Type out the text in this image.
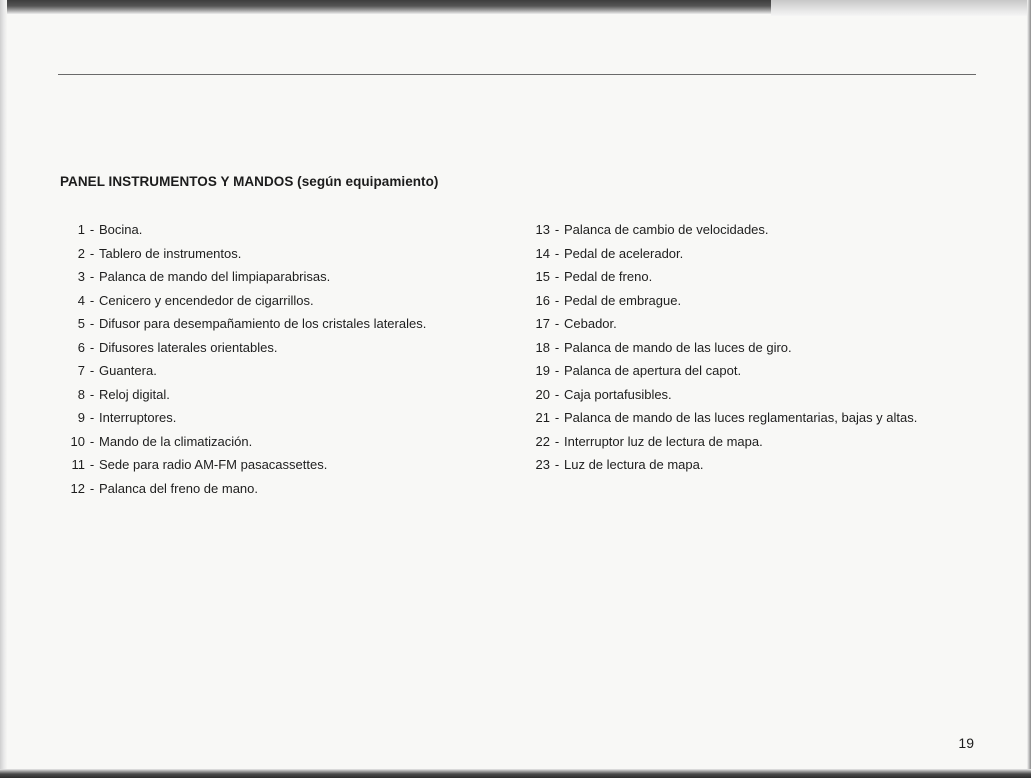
PANEL INSTRUMENTOS Y MANDOS (según equipamiento)
1 - Bocina.
2 - Tablero de instrumentos.
3 - Palanca de mando del limpiaparabrisas.
4 - Cenicero y encendedor de cigarrillos.
5 - Difusor para desempañamiento de los cristales laterales.
6 - Difusores laterales orientables.
7 - Guantera.
8 - Reloj digital.
9 - Interruptores.
10 - Mando de la climatización.
11 - Sede para radio AM-FM pasacassettes.
12 - Palanca del freno de mano.
13 - Palanca de cambio de velocidades.
14 - Pedal de acelerador.
15 - Pedal de freno.
16 - Pedal de embrague.
17 - Cebador.
18 - Palanca de mando de las luces de giro.
19 - Palanca de apertura del capot.
20 - Caja portafusibles.
21 - Palanca de mando de las luces reglamentarias, bajas y altas.
22 - Interruptor luz de lectura de mapa.
23 - Luz de lectura de mapa.
19
